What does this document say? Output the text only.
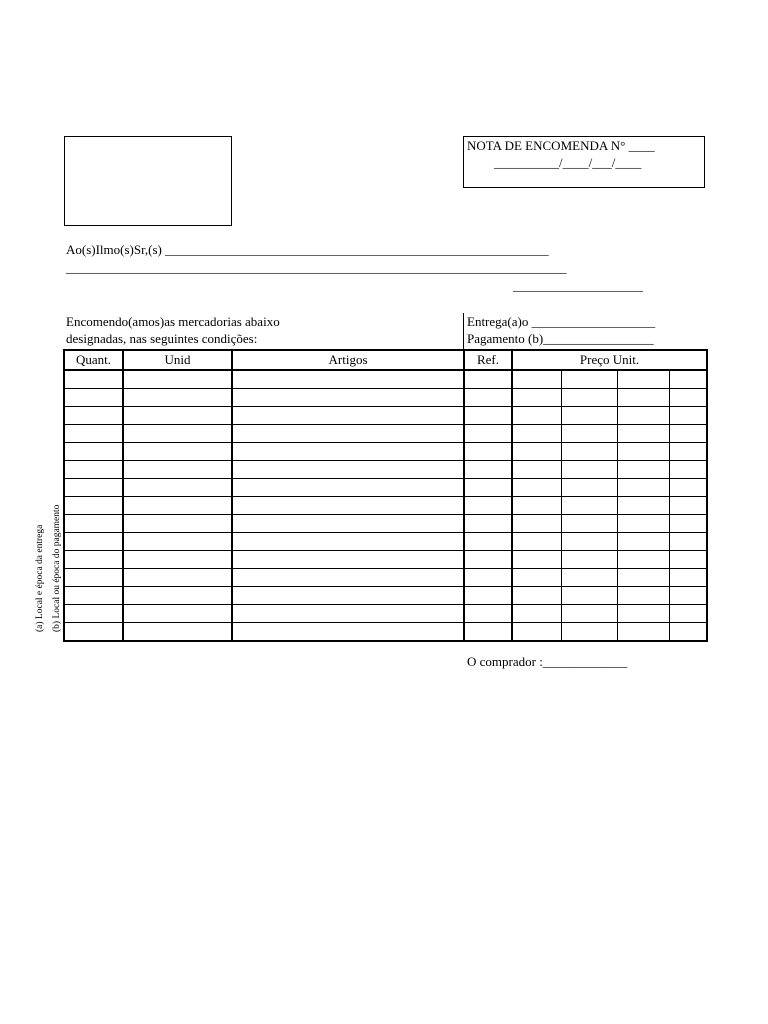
NOTA DE ENCOMENDA N° ____
__________/____/___/____
Ao(s)Ilmo(s)Sr,(s) ___________________________________________________________
_____________________________________________________________________________
____________________
Encomendo(amos)as mercadorias abaixo
designadas, nas seguintes condições:
Entrega(a)o ___________________
Pagamento (b)_________________
Quant.	Unid	Artigos	Ref.	Preço Unit.			

(a) Local e época da entrega (b) Local ou época do pagamento
O comprador :_____________
